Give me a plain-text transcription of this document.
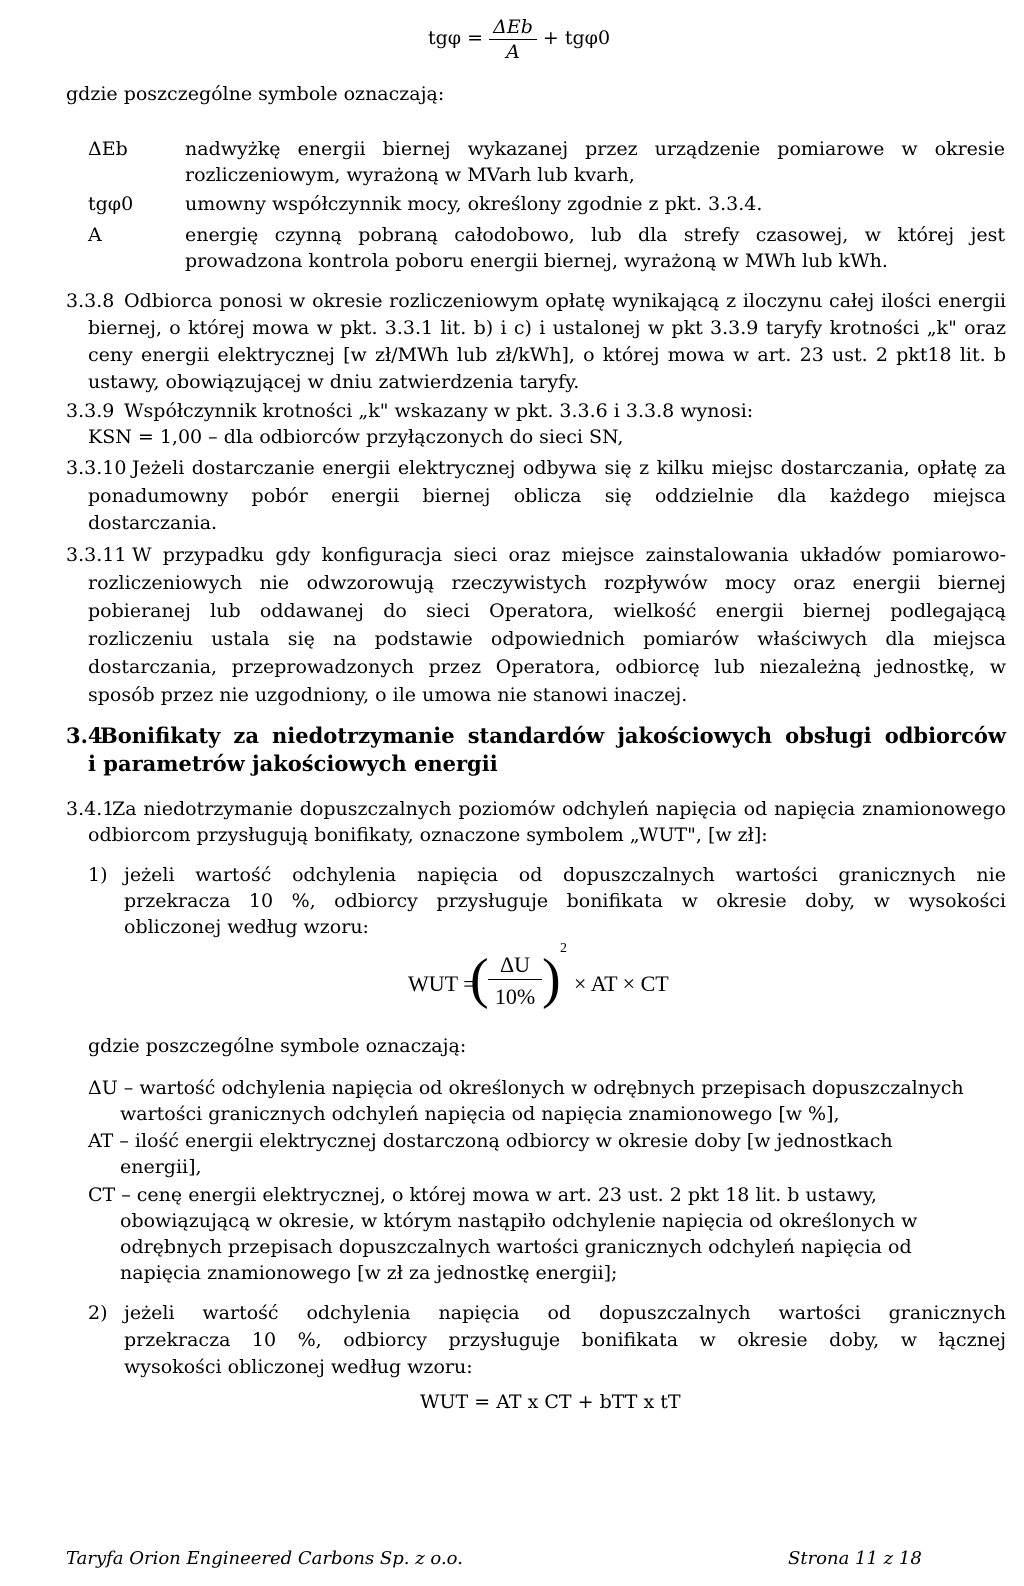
$tg\varphi = \frac{\text{ΔEb}}{A} + tg\varphi 0$
gdzie poszczególne symbole oznaczają:
ΔEb	nadwyżkę energii biernej wykazanej przez urządzenie pomiarowe w okresie
rozliczeniowym, wyrażoną w MVarh lub kvarh,
tgφ0	umowny współczynnik mocy, określony zgodnie z pkt. 3.3.4.
A	energię czynną pobraną całodobowo, lub dla strefy czasowej, w której jest
prowadzona kontrola poboru energii biernej, wyrażoną w MWh lub kWh.
3.3.8 Odbiorca ponosi w okresie rozliczeniowym opłatę wynikającą z iloczynu całej ilości energii
biernej, o której mowa w pkt. 3.3.1 lit. b) i c) i ustalonej w pkt 3.3.9 taryfy krotności „k" oraz
ceny energii elektrycznej [w zł/MWh lub zł/kWh], o której mowa w art. 23 ust. 2 pkt18 lit. b
ustawy, obowiązującej w dniu zatwierdzenia taryfy.
3.3.9 Współczynnik krotności „k" wskazany w pkt. 3.3.6 i 3.3.8 wynosi:
KSN = 1,00 – dla odbiorców przyłączonych do sieci SN,
3.3.10 Jeżeli dostarczanie energii elektrycznej odbywa się z kilku miejsc dostarczania, opłatę za
ponadumowny pobór energii biernej oblicza się oddzielnie dla każdego miejsca
dostarczania.
3.3.11 W przypadku gdy konfiguracja sieci oraz miejsce zainstalowania układów pomiarowo-
rozliczeniowych nie odwzorowują rzeczywistych rozpływów mocy oraz energii biernej
pobieranej lub oddawanej do sieci Operatora, wielkość energii biernej podlegającą
rozliczeniu ustala się na podstawie odpowiednich pomiarów właściwych dla miejsca
dostarczania, przeprowadzonych przez Operatora, odbiorcę lub niezależną jednostkę, w
sposób przez nie uzgodniony, o ile umowa nie stanowi inaczej.
3.4
Bonifikaty za niedotrzymanie standardów jakościowych obsługi odbiorców
i parametrów jakościowych energii
3.4.1
Za niedotrzymanie dopuszczalnych poziomów odchyleń napięcia od napięcia znamionowego
odbiorcom przysługują bonifikaty, oznaczone symbolem „WUT", [w zł]:
1) jeżeli wartość odchylenia napięcia od dopuszczalnych wartości granicznych nie
przekracza 10 %, odbiorcy przysługuje bonifikata w okresie doby, w wysokości
obliczonej według wzoru:
WUT =
( ΔU
10% ) 2
× AT × CT
gdzie poszczególne symbole oznaczają:
ΔU – wartość odchylenia napięcia od określonych w odrębnych przepisach dopuszczalnych
wartości granicznych odchyleń napięcia od napięcia znamionowego [w %],
AT – ilość energii elektrycznej dostarczoną odbiorcy w okresie doby [w jednostkach
energii],
CT – cenę energii elektrycznej, o której mowa w art. 23 ust. 2 pkt 18 lit. b ustawy,
obowiązującą w okresie, w którym nastąpiło odchylenie napięcia od określonych w
odrębnych przepisach dopuszczalnych wartości granicznych odchyleń napięcia od
napięcia znamionowego [w zł za jednostkę energii];
2) jeżeli wartość odchylenia napięcia od dopuszczalnych wartości granicznych
przekracza 10 %, odbiorcy przysługuje bonifikata w okresie doby, w łącznej
wysokości obliczonej według wzoru:
WUT = AT x CT + bTT x tT
Taryfa Orion Engineered Carbons Sp. z o.o.	Strona 11 z 18
